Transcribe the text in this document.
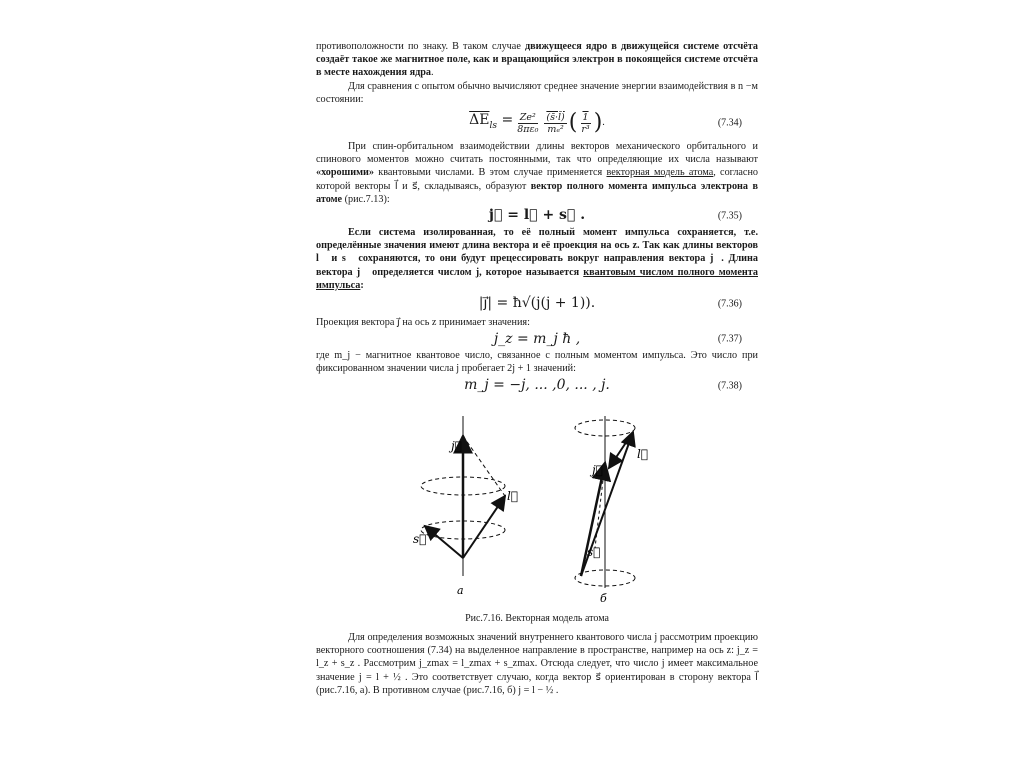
противоположности по знаку. В таком случае движущееся ядро в движущейся системе отсчёта создаёт такое же магнитное поле, как и вращающийся электрон в покоящейся системе отсчёта в месте нахождения ядра.

Для сравнения с опытом обычно вычисляют среднее значение энергии взаимодействия в n −м состоянии:

$\overline{\Delta E}_{ls} = \frac{\text{Ze²}}{\text{8πε₀}} \frac{(s̄\cdot l̄)}{\text{mₑ²}}$ ( $\frac{1}{\text{r³}}$ ) .	(7.34)

При спин-орбитальном взаимодействии длины векторов механического орбитального и спинового моментов можно считать постоянными, так что определяющие их числа называют «хорошими» квантовыми числами. В этом случае применяется векторная модель атома, согласно которой векторы l⃗ и s⃗, складываясь, образуют вектор полного момента импульса электрона в атоме (рис.7.13):

j⃗ = l⃗ + s⃗ .	(7.35)

Если система изолированная, то её полный момент импульса сохраняется, т.е. определённые значения имеют длина вектора и её проекция на ось z. Так как длины векторов l⃗ и s⃗ сохраняются, то они будут прецессировать вокруг направления вектора j⃗. Длина вектора j⃗ определяется числом j, которое называется квантовым числом полного момента импульса:

|j⃗| = ħ√(j(j + 1)).	(7.36)

Проекция вектора j⃗ на ось z принимает значения:

j_z = m_j ħ ,	(7.37)

где m_j − магнитное квантовое число, связанное с полным моментом импульса. Это число при фиксированном значении числа j пробегает 2j + 1 значений:

m_j = −j, ... ,0, ... , j.	(7.38)
j⃗
l⃗
s⃗
j⃗
l⃗
s⃗
а
б
Рис.7.16. Векторная модель атома

Для определения возможных значений внутреннего квантового числа j рассмотрим проекцию векторного соотношения (7.34) на выделенное направление в пространстве, например на ось z: j_z = l_z + s_z . Рассмотрим j_zmax = l_zmax + s_zmax. Отсюда следует, что число j имеет максимальное значение j = l + ½ . Это соответствует случаю, когда вектор s⃗ ориентирован в сторону вектора l⃗ (рис.7.16, а). В противном случае (рис.7.16, б) j = l − ½ .
